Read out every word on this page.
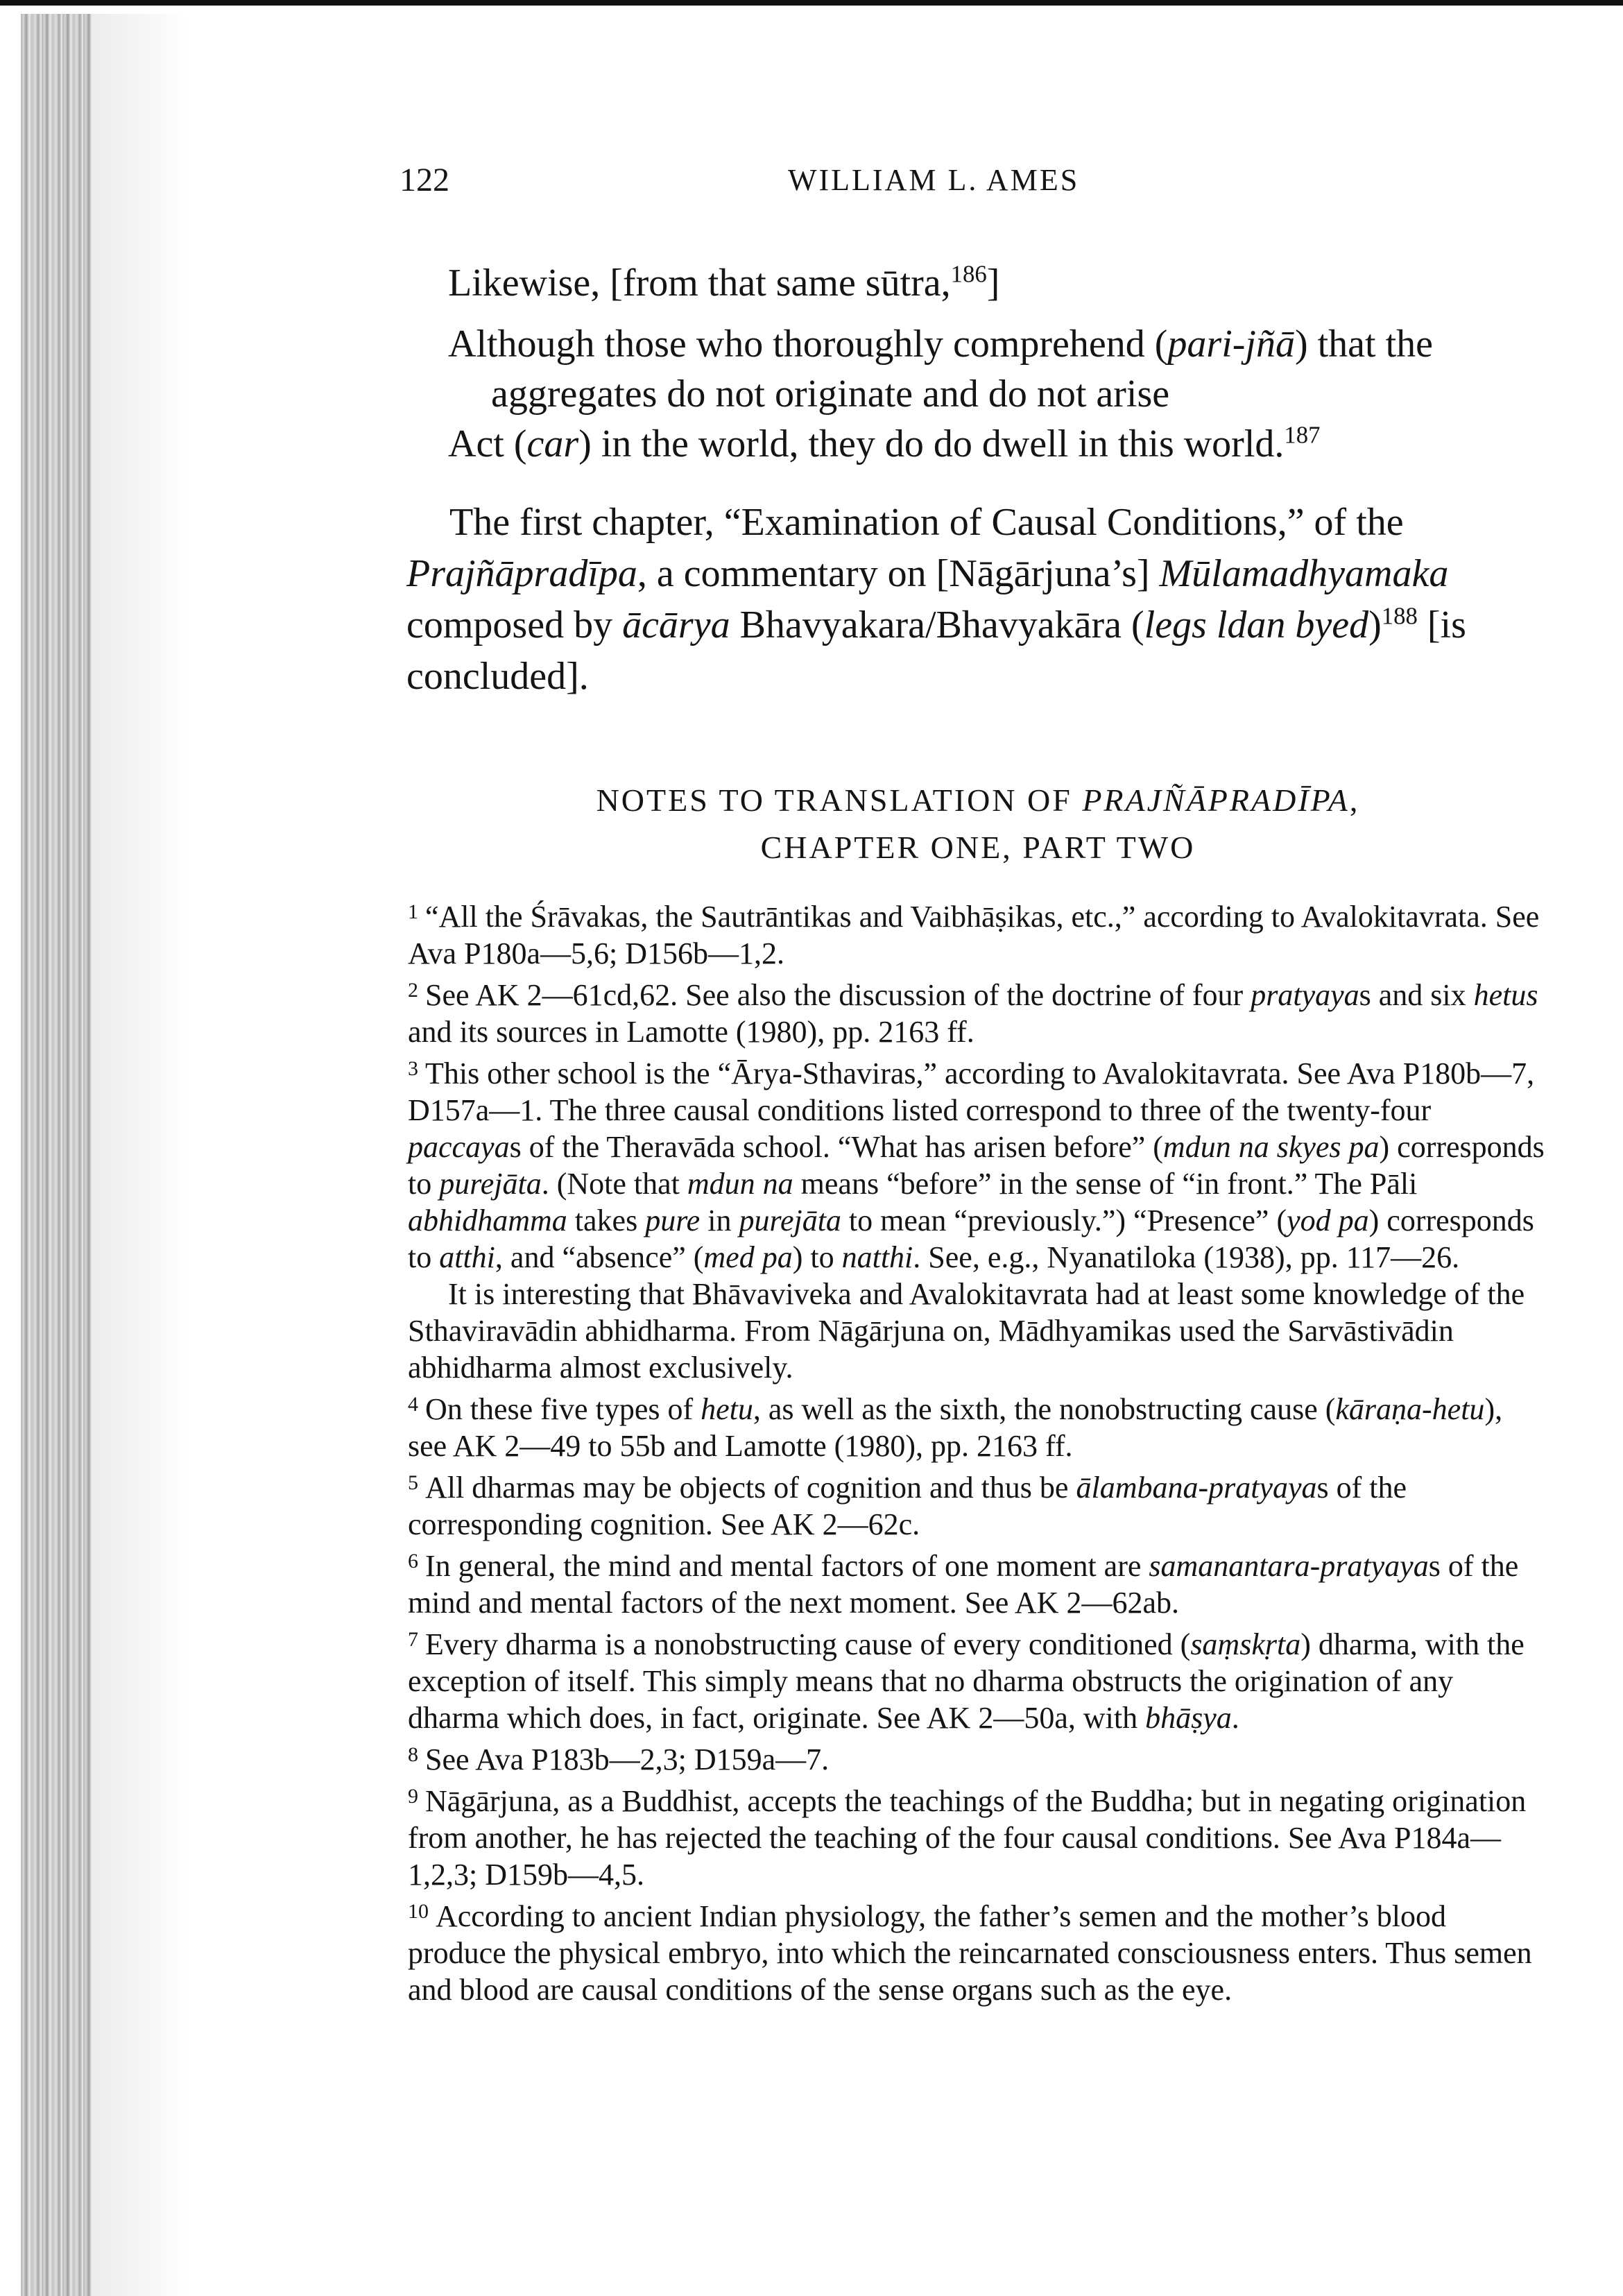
122	WILLIAM L. AMES

Likewise, [from that same sūtra,$^{186}$]

Although those who thoroughly comprehend (pari-jñā) that the

aggregates do not originate and do not arise

Act (car) in the world, they do do dwell in this world.$^{187}$

The first chapter, “Examination of Causal Conditions,” of the Prajñāpradīpa, a commentary on [Nāgārjuna’s] Mūlamadhyamaka composed by ācārya Bhavyakara/Bhavyakāra (legs ldan byed)$^{188}$ [is concluded].

NOTES TO TRANSLATION OF PRAJÑĀPRADĪPA,
CHAPTER ONE, PART TWO

$^1$ “All the Śrāvakas, the Sautrāntikas and Vaibhāṣikas, etc.,” according to Avalokitavrata. See Ava P180a—5,6; D156b—1,2.

$^2$ See AK 2—61cd,62. See also the discussion of the doctrine of four pratyayas and six hetus and its sources in Lamotte (1980), pp. 2163 ff.

$^3$ This other school is the “Ārya-Sthaviras,” according to Avalokitavrata. See Ava P180b—7, D157a—1. The three causal conditions listed correspond to three of the twenty-four paccayas of the Theravāda school. “What has arisen before” (mdun na skyes pa) corresponds to purejāta. (Note that mdun na means “before” in the sense of “in front.” The Pāli abhidhamma takes pure in purejāta to mean “previously.”) “Presence” (yod pa) corresponds to atthi, and “absence” (med pa) to natthi. See, e.g., Nyanatiloka (1938), pp. 117—26.

It is interesting that Bhāvaviveka and Avalokitavrata had at least some knowledge of the Sthaviravādin abhidharma. From Nāgārjuna on, Mādhyamikas used the Sarvāstivādin abhidharma almost exclusively.

$^4$ On these five types of hetu, as well as the sixth, the nonobstructing cause (kāraṇa-hetu), see AK 2—49 to 55b and Lamotte (1980), pp. 2163 ff.

$^5$ All dharmas may be objects of cognition and thus be ālambana-pratyayas of the corresponding cognition. See AK 2—62c.

$^6$ In general, the mind and mental factors of one moment are samanantara-pratyayas of the mind and mental factors of the next moment. See AK 2—62ab.

$^7$ Every dharma is a nonobstructing cause of every conditioned (saṃskṛta) dharma, with the exception of itself. This simply means that no dharma obstructs the origination of any dharma which does, in fact, originate. See AK 2—50a, with bhāṣya.

$^8$ See Ava P183b—2,3; D159a—7.

$^9$ Nāgārjuna, as a Buddhist, accepts the teachings of the Buddha; but in negating origination from another, he has rejected the teaching of the four causal conditions. See Ava P184a—1,2,3; D159b—4,5.

$^{10}$ According to ancient Indian physiology, the father’s semen and the mother’s blood produce the physical embryo, into which the reincarnated consciousness enters. Thus semen and blood are causal conditions of the sense organs such as the eye.
